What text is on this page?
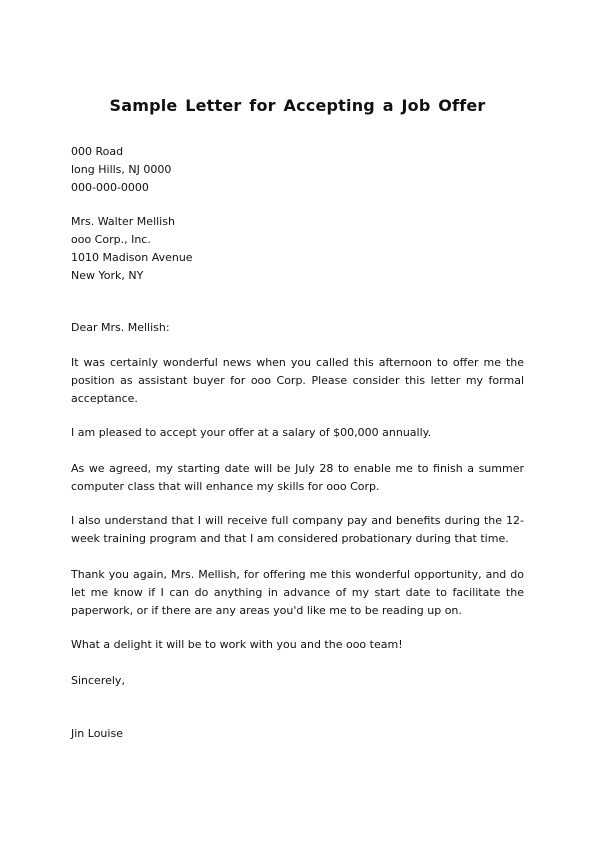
Sample Letter for Accepting a Job Offer
000 Road
long Hills, NJ 0000
000-000-0000
Mrs. Walter Mellish
ooo Corp., Inc.
1010 Madison Avenue
New York, NY
Dear Mrs. Mellish:
It was certainly wonderful news when you called this afternoon to offer me the position as assistant buyer for ooo Corp. Please consider this letter my formal acceptance.
I am pleased to accept your offer at a salary of $00,000 annually.
As we agreed, my starting date will be July 28 to enable me to finish a summer computer class that will enhance my skills for ooo Corp.
I also understand that I will receive full company pay and benefits during the 12-week training program and that I am considered probationary during that time.
Thank you again, Mrs. Mellish, for offering me this wonderful opportunity, and do let me know if I can do anything in advance of my start date to facilitate the paperwork, or if there are any areas you'd like me to be reading up on.
What a delight it will be to work with you and the ooo team!
Sincerely,
Jin Louise
